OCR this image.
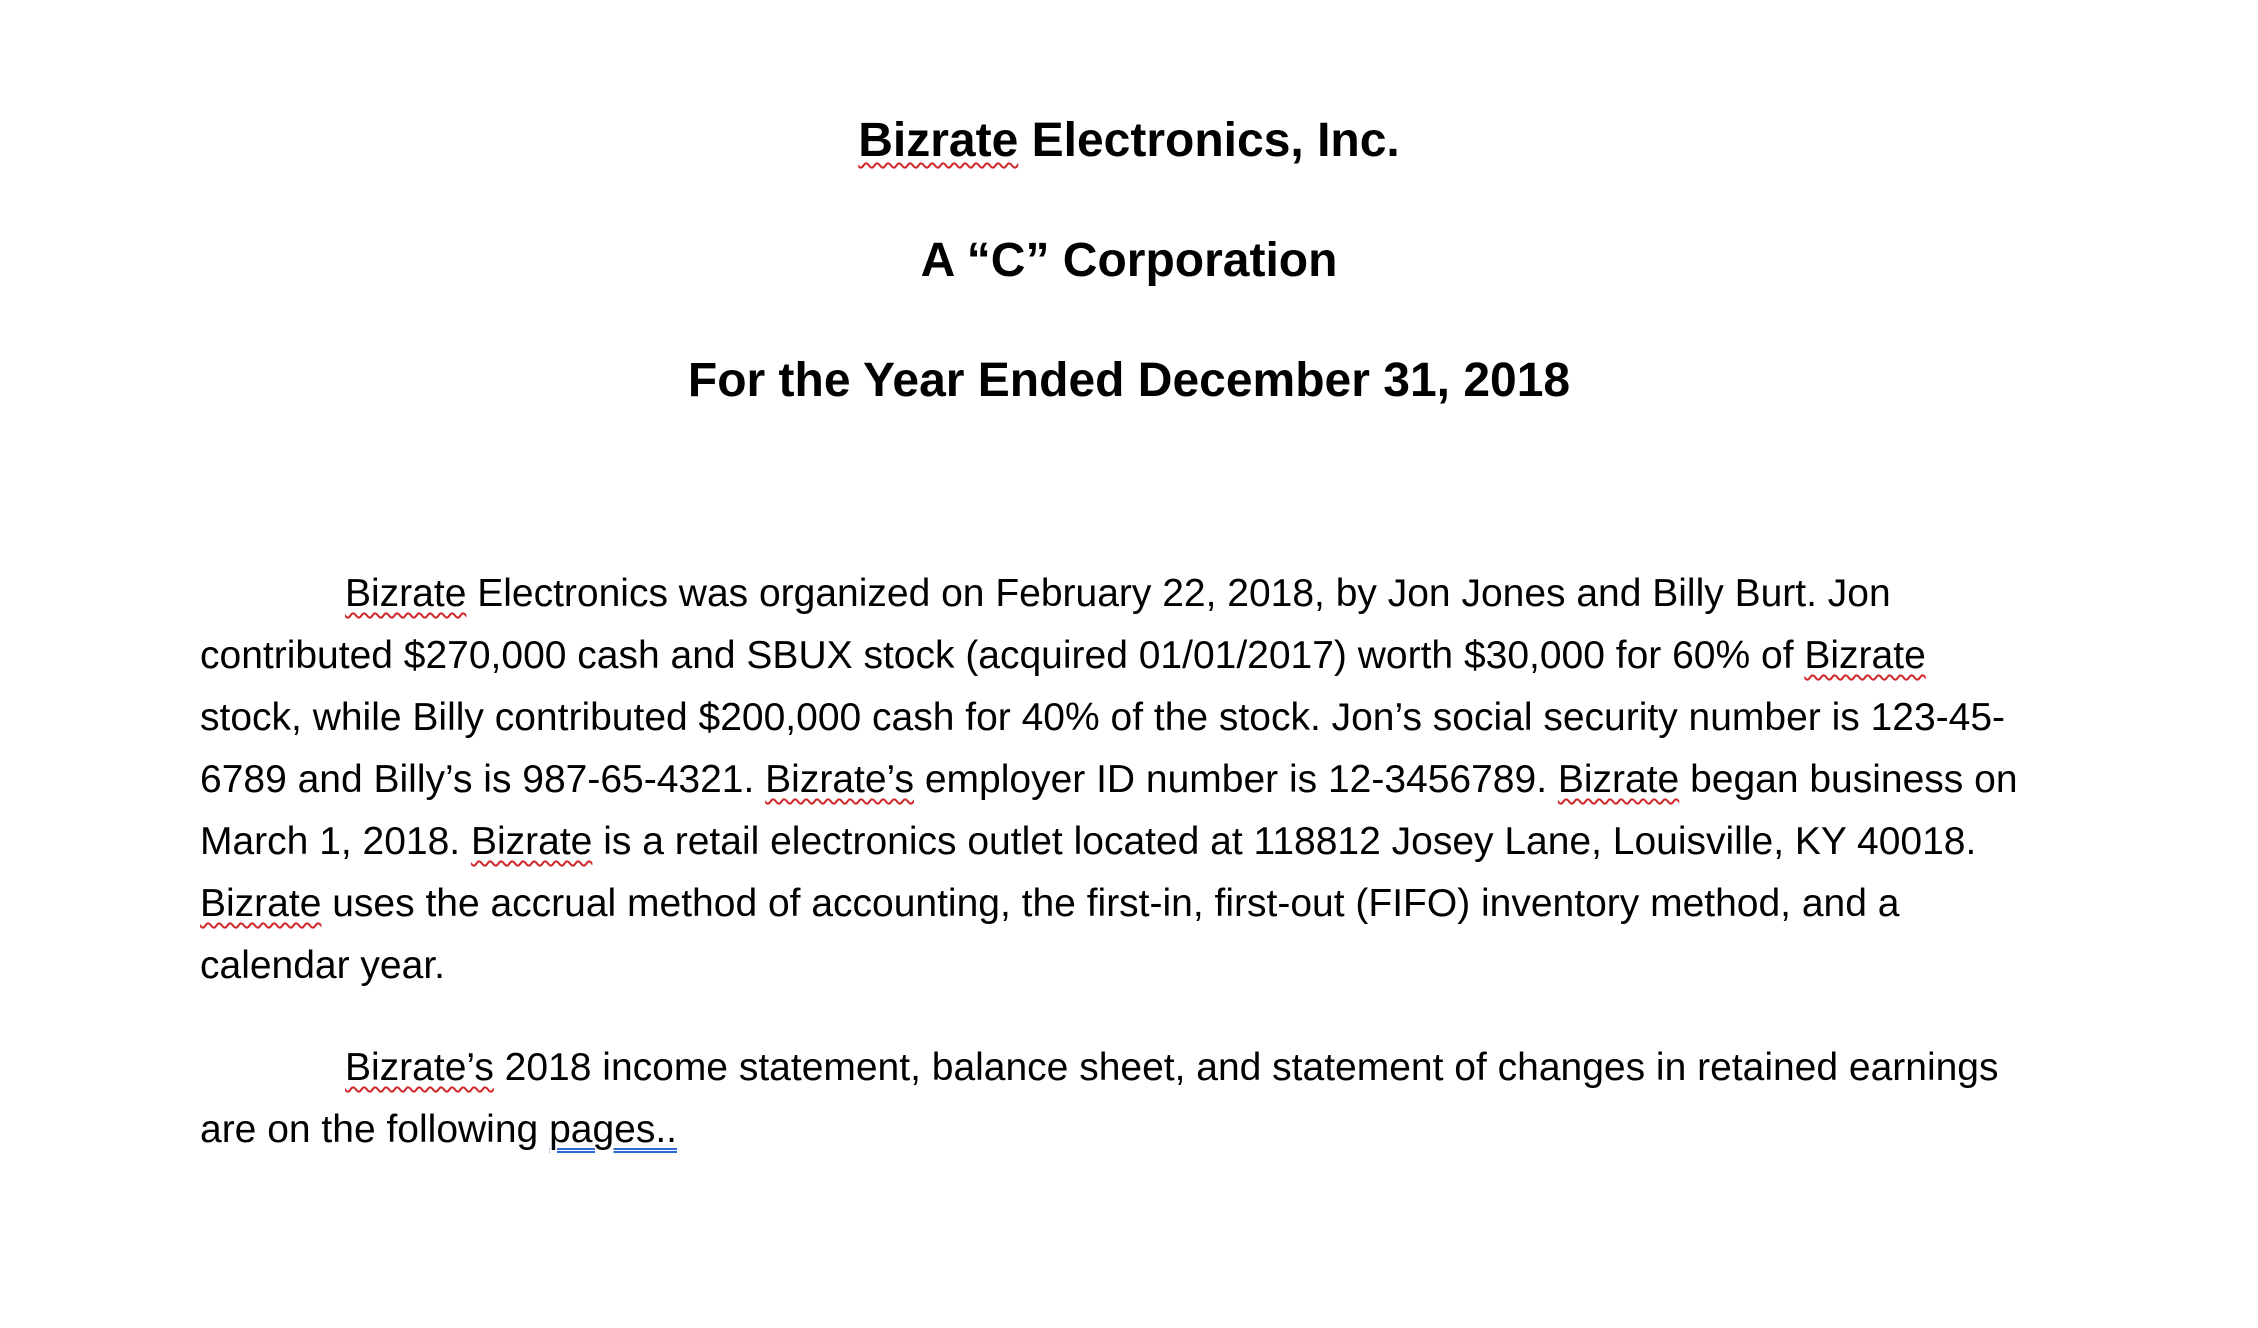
Bizrate Electronics, Inc.
A “C” Corporation
For the Year Ended December 31, 2018
Bizrate Electronics was organized on February 22, 2018, by Jon Jones and Billy Burt. Jon
contributed $270,000 cash and SBUX stock (acquired 01/01/2017) worth $30,000 for 60% of Bizrate
stock, while Billy contributed $200,000 cash for 40% of the stock. Jon’s social security number is 123-45-
6789 and Billy’s is 987-65-4321. Bizrate’s employer ID number is 12-3456789. Bizrate began business on
March 1, 2018. Bizrate is a retail electronics outlet located at 118812 Josey Lane, Louisville, KY 40018.
Bizrate uses the accrual method of accounting, the first-in, first-out (FIFO) inventory method, and a
calendar year.
Bizrate’s 2018 income statement, balance sheet, and statement of changes in retained earnings
are on the following pages..
